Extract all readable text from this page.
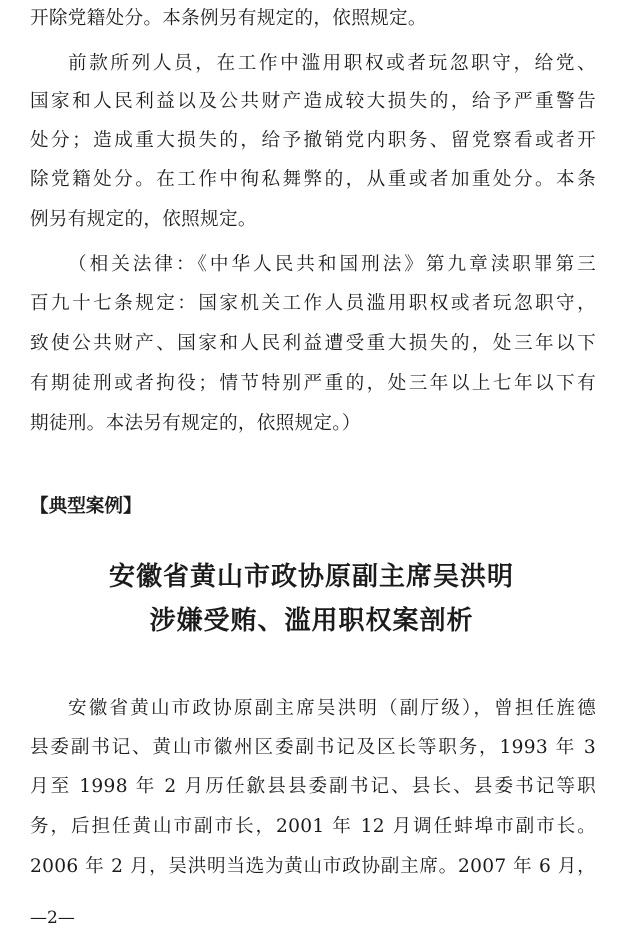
开除党籍处分。本条例另有规定的，依照规定。
前款所列人员，在工作中滥用职权或者玩忽职守，给党、
国家和人民利益以及公共财产造成较大损失的，给予严重警告
处分；造成重大损失的，给予撤销党内职务、留党察看或者开
除党籍处分。在工作中徇私舞弊的，从重或者加重处分。本条
例另有规定的，依照规定。
（相关法律：《中华人民共和国刑法》第九章渎职罪第三
百九十七条规定：国家机关工作人员滥用职权或者玩忽职守，
致使公共财产、国家和人民利益遭受重大损失的，处三年以下
有期徒刑或者拘役；情节特别严重的，处三年以上七年以下有
期徒刑。本法另有规定的，依照规定。）
【典型案例】
安徽省黄山市政协原副主席吴洪明
涉嫌受贿、滥用职权案剖析
安徽省黄山市政协原副主席吴洪明（副厅级），曾担任旌德
县委副书记、黄山市徽州区委副书记及区长等职务，1993 年 3
月至 1998 年 2 月历任歙县县委副书记、县长、县委书记等职
务，后担任黄山市副市长，2001 年 12 月调任蚌埠市副市长。
2006 年 2 月，吴洪明当选为黄山市政协副主席。2007 年 6 月，
—2—
